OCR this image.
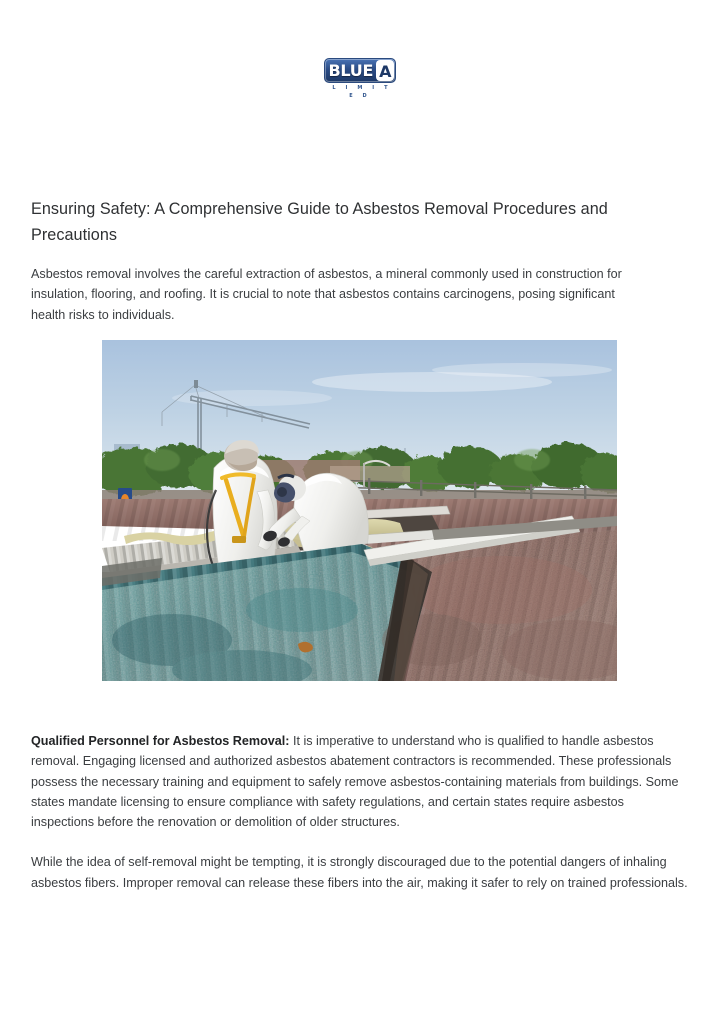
BLUE A
L I M I T E D
Ensuring Safety: A Comprehensive Guide to Asbestos Removal Procedures and Precautions

Asbestos removal involves the careful extraction of asbestos, a mineral commonly used in construction for insulation, flooring, and roofing. It is crucial to note that asbestos contains carcinogens, posing significant health risks to individuals.

Qualified Personnel for Asbestos Removal: It is imperative to understand who is qualified to handle asbestos removal. Engaging licensed and authorized asbestos abatement contractors is recommended. These professionals possess the necessary training and equipment to safely remove asbestos-containing materials from buildings. Some states mandate licensing to ensure compliance with safety regulations, and certain states require asbestos inspections before the renovation or demolition of older structures.

While the idea of self-removal might be tempting, it is strongly discouraged due to the potential dangers of inhaling asbestos fibers. Improper removal can release these fibers into the air, making it safer to rely on trained professionals.
